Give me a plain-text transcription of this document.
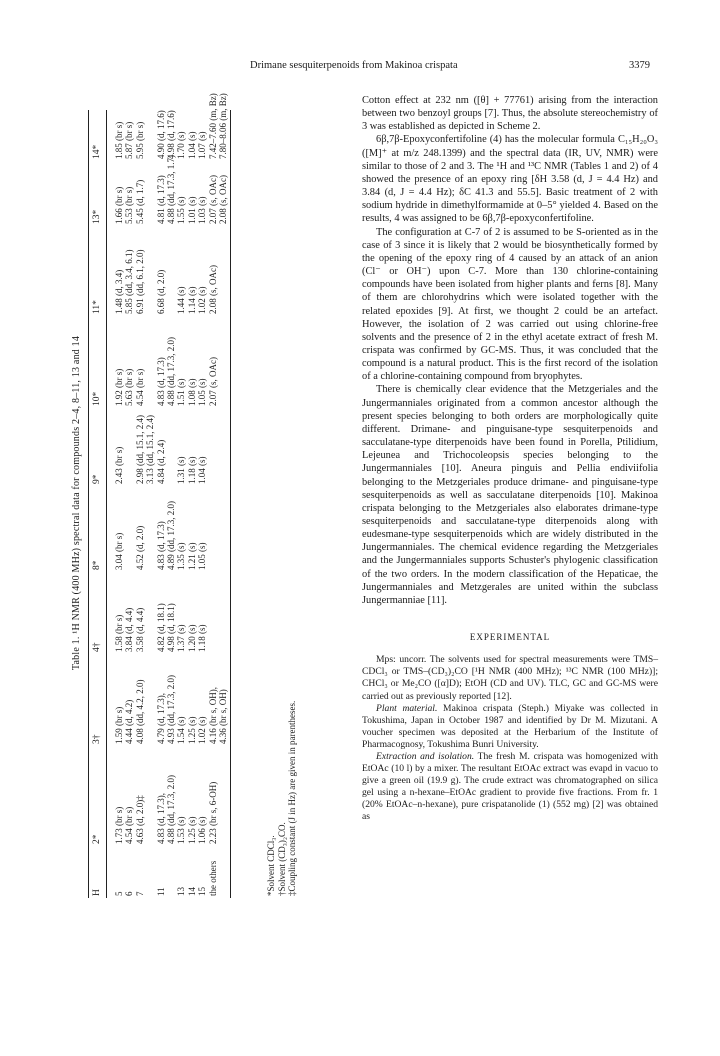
Drimane sesquiterpenoids from Makinoa crispata	3379
Table 1. ¹H NMR (400 MHz) spectral data for compounds 2–4, 8–11, 13 and 14
H
2*
3†
4†
8*
9*
10*
11*
13*
14*
5 6 7 11 13 14 15 the others
1.73 (br s) 4.54 (br s) 4.63 (d, 2.0)‡ 4.83 (d, 17.3), 4.88 (dd, 17.3, 2.0) 1.53 (s) 1.25 (s) 1.06 (s) 2.23 (br s, 6-OH)
1.59 (br s) 4.44 (d, 4.2) 4.08 (dd, 4.2, 2.0) 4.79 (d, 17.3), 4.93 (dd, 17.3, 2.0) 1.54 (s) 1.25 (s) 1.02 (s) 4.16 (br s, OH), 4.36 (br s, OH)
1.58 (br s) 3.84 (d, 4.4) 3.58 (d, 4.4) 4.82 (d, 18.1) 4.98 (d, 18.1) 1.37 (s) 1.20 (s) 1.18 (s)
3.04 (br s) 4.52 (d, 2.0) 4.83 (d, 17.3) 4.89 (dd, 17.3, 2.0) 1.35 (s) 1.21 (s) 1.05 (s)
2.43 (br s) 2.98 (dd, 15.1, 2.4) 3.13 (dd, 15.1, 2.4) 4.84 (d, 2.4) 1.31 (s) 1.18 (s) 1.04 (s)
1.92 (br s) 5.63 (br s) 4.54 (br s) 4.83 (d, 17.3) 4.88 (dd, 17.3, 2.0) 1.51 (s) 1.08 (s) 1.05 (s) 2.07 (s, OAc)
1.48 (d, 3.4) 5.85 (dd, 3.4, 6.1) 6.91 (dd, 6.1, 2.0) 6.68 (d, 2.0) 1.44 (s) 1.14 (s) 1.02 (s) 2.08 (s, OAc)
1.66 (br s) 5.53 (br s) 5.45 (d, 1.7) 4.81 (d, 17.3) 4.88 (dd, 17.3, 1.7) 1.55 (s) 1.01 (s) 1.03 (s) 2.07 (s, OAc) 2.08 (s, OAc)
1.85 (br s) 5.87 (br s) 5.95 (br s) 4.90 (d, 17.6) 4.98 (d, 17.6) 1.70 (s) 1.04 (s) 1.07 (s) 7.42–7.60 (m, Bz) 7.80–8.06 (m, Bz)
*Solvent CDCl₃. †Solvent (CD₃)₂CO. ‡Coupling constant (J in Hz) are given in parentheses.

Cotton effect at 232 nm ([θ] + 77761) arising from the interaction between two benzoyl groups [7]. Thus, the absolute stereochemistry of 3 was established as depicted in Scheme 2.

6β,7β-Epoxyconfertifoline (4) has the molecular formula C₁₅H₂₀O₃ ([M]⁺ at m/z 248.1399) and the spectral data (IR, UV, NMR) were similar to those of 2 and 3. The ¹H and ¹³C NMR (Tables 1 and 2) of 4 showed the presence of an epoxy ring [δH 3.58 (d, J = 4.4 Hz) and 3.84 (d, J = 4.4 Hz); δC 41.3 and 55.5]. Basic treatment of 2 with sodium hydride in dimethylformamide at 0–5° yielded 4. Based on the results, 4 was assigned to be 6β,7β-epoxyconfertifoline.

The configuration at C-7 of 2 is assumed to be S-oriented as in the case of 3 since it is likely that 2 would be biosynthetically formed by the opening of the epoxy ring of 4 caused by an attack of an anion (Cl⁻ or OH⁻) upon C-7. More than 130 chlorine-containing compounds have been isolated from higher plants and ferns [8]. Many of them are chlorohydrins which were isolated together with the related epoxides [9]. At first, we thought 2 could be an artefact. However, the isolation of 2 was carried out using chlorine-free solvents and the presence of 2 in the ethyl acetate extract of fresh M. crispata was confirmed by GC-MS. Thus, it was concluded that the compound is a natural product. This is the first record of the isolation of a chlorine-containing compound from bryophytes.

There is chemically clear evidence that the Metzgeriales and the Jungermanniales originated from a common ancestor although the present species belonging to both orders are morphologically quite different. Drimane- and pinguisane-type sesquiterpenoids and sacculatane-type diterpenoids have been found in Porella, Ptilidium, Lejeunea and Trichocoleopsis species belonging to the Jungermanniales [10]. Aneura pinguis and Pellia endiviifolia belonging to the Metzgeriales produce drimane- and pinguisane-type sesquiterpenoids as well as sacculatane diterpenoids [10]. Makinoa crispata belonging to the Metzgeriales also elaborates drimane-type sesquiterpenoids and sacculatane-type diterpenoids along with eudesmane-type sesquiterpenoids which are widely distributed in the Jungermanniales. The chemical evidence regarding the Metzgeriales and the Jungermanniales supports Schuster's phylogenic classification of the two orders. In the modern classification of the Hepaticae, the Jungermanniales and Metzgerales are united within the subclass Jungermanniae [11].

EXPERIMENTAL

Mps: uncorr. The solvents used for spectral measurements were TMS–CDCl₃ or TMS–(CD₃)₂CO [¹H NMR (400 MHz); ¹³C NMR (100 MHz)]; CHCl₃ or Me₂CO ([α]D); EtOH (CD and UV). TLC, GC and GC-MS were carried out as previously reported [12].

Plant material. Makinoa crispata (Steph.) Miyake was collected in Tokushima, Japan in October 1987 and identified by Dr M. Mizutani. A voucher specimen was deposited at the Herbarium of the Institute of Pharmacognosy, Tokushima Bunri University.

Extraction and isolation. The fresh M. crispata was homogenized with EtOAc (10 l) by a mixer. The resultant EtOAc extract was evapd in vacuo to give a green oil (19.9 g). The crude extract was chromatographed on silica gel using a n-hexane–EtOAc gradient to provide five fractions. From fr. 1 (20% EtOAc–n-hexane), pure crispatanolide (1) (552 mg) [2] was obtained as
